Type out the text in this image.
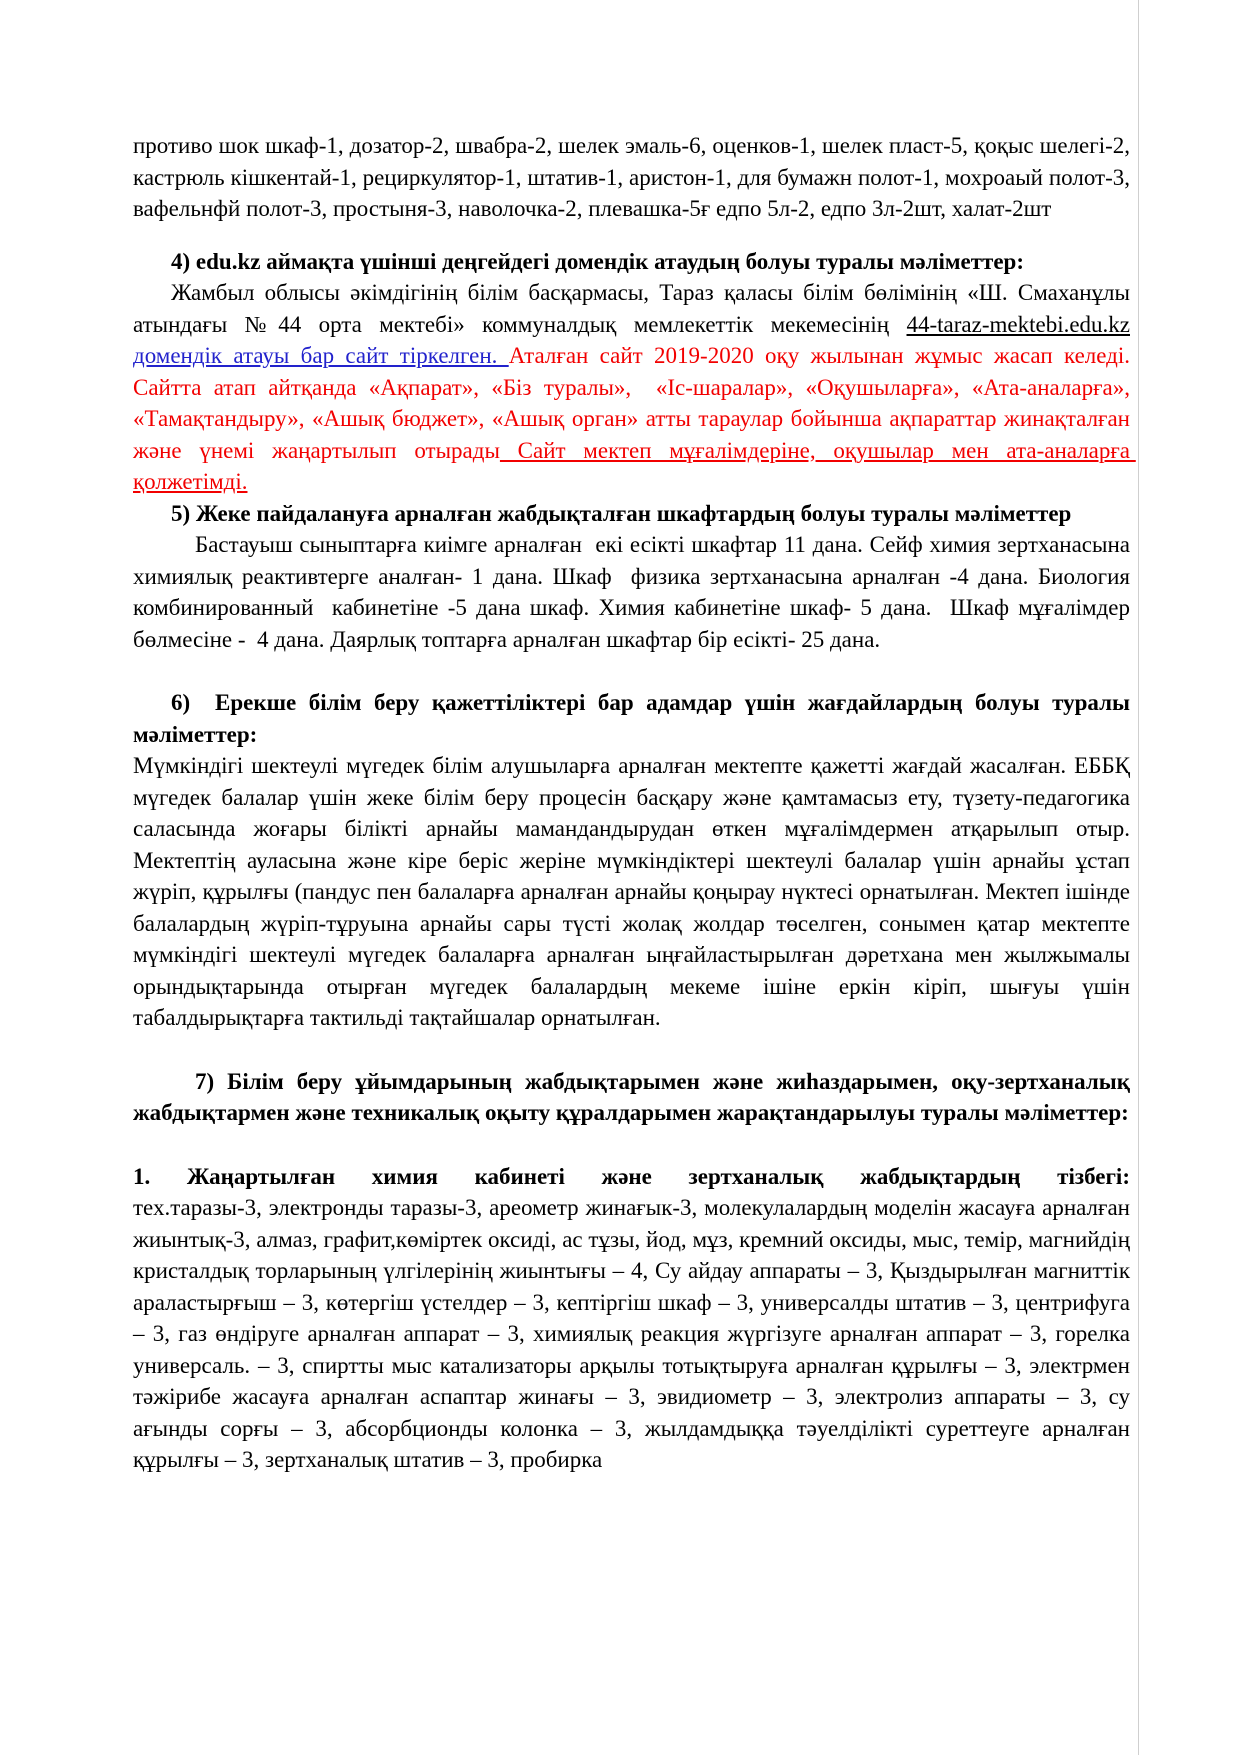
противо шок шкаф-1, дозатор-2, швабра-2, шелек эмаль-6, оценков-1, шелек пласт-5, қоқыс шелегі-2, кастрюль кішкентай-1, рециркулятор-1, штатив-1, аристон-1, для бумажн полот-1, мохроаый полот-3, вафельнфй полот-3, простыня-3, наволочка-2, плевашка-5ғ едпо 5л-2, едпо 3л-2шт, халат-2шт

4) edu.kz аймақта үшінші деңгейдегі домендік атаудың болуы туралы мәліметтер:

Жамбыл облысы әкімдігінің білім басқармасы, Тараз қаласы білім бөлімінің «Ш. Смаханұлы атындағы №44 орта мектебі» коммуналдық мемлекеттік мекемесінің 44-taraz-mektebi.edu.kz домендік атауы бар сайт тіркелген. Аталған сайт 2019-2020 оқу жылынан жұмыс жасап келеді. Сайтта атап айтқанда «Ақпарат», «Біз туралы»,  «Іс-шаралар», «Оқушыларға», «Ата-аналарға», «Тамақтандыру», «Ашық бюджет», «Ашық орган» атты тараулар бойынша ақпараттар жинақталған және үнемі жаңартылып отырады Сайт мектеп мұғалімдеріне, оқушылар мен ата-аналарға қолжетімді.

5) Жеке пайдалануға арналған жабдықталған шкафтардың болуы туралы мәліметтер

Бастауыш сыныптарға киімге арналған  екі есікті шкафтар 11 дана. Сейф химия зертханасына химиялық реактивтерге аналған- 1 дана. Шкаф  физика зертханасына арналған -4 дана. Биология комбинированный  кабинетіне -5 дана шкаф. Химия кабинетіне шкаф- 5 дана.  Шкаф мұғалімдер бөлмесіне -  4 дана. Даярлық топтарға арналған шкафтар бір есікті- 25 дана.

6)  Ерекше білім беру қажеттіліктері бар адамдар үшін жағдайлардың болуы туралы мәліметтер:

Мүмкіндігі шектеулі мүгедек білім алушыларға арналған мектепте қажетті жағдай жасалған. ЕББҚ мүгедек балалар үшін жеке білім беру процесін басқару және қамтамасыз ету, түзету-педагогика саласында жоғары білікті арнайы мамандандырудан өткен мұғалімдермен атқарылып отыр. Мектептің ауласына және кіре беріс жеріне мүмкіндіктері шектеулі балалар үшін арнайы ұстап жүріп, құрылғы (пандус пен балаларға арналған арнайы қоңырау нүктесі орнатылған. Мектеп ішінде балалардың жүріп-тұруына арнайы сары түсті жолақ жолдар төселген, сонымен қатар мектепте мүмкіндігі шектеулі мүгедек балаларға арналған ыңғайластырылған дәретхана мен жылжымалы орындықтарында отырған мүгедек балалардың мекеме ішіне еркін кіріп, шығуы үшін табалдырықтарға тактильді тақтайшалар орнатылған.

7) Білім беру ұйымдарының жабдықтарымен және жиһаздарымен, оқу-зертханалық жабдықтармен және техникалық оқыту құралдарымен жарақтандарылуы туралы мәліметтер:

1. Жаңартылған химия кабинеті және зертханалық жабдықтардың тізбегі:

тех.таразы-3, электронды таразы-3, ареометр жинағык-3, молекулалардың моделін жасауға арналған жиынтық-3, алмаз, графит,көміртек оксиді, ас тұзы, йод, мұз, кремний оксиды, мыс, темір, магнийдің кристалдық торларының үлгілерінің жиынтығы – 4, Су айдау аппараты – 3, Қыздырылған магниттік араластырғыш – 3, көтергіш үстелдер – 3, кептіргіш шкаф – 3, универсалды штатив – 3, центрифуга – 3, газ өндіруге арналған аппарат – 3, химиялық реакция жүргізуге арналған аппарат – 3, горелка универсаль. – 3, спиртты мыс катализаторы арқылы тотықтыруға арналған құрылғы – 3, электрмен тәжірибе жасауға арналған аспаптар жинағы – 3, эвидиометр – 3, электролиз аппараты – 3, су ағынды сорғы – 3, абсорбционды колонка – 3, жылдамдыққа тәуелділікті суреттеуге арналған құрылғы – 3, зертханалық штатив – 3, пробирка
